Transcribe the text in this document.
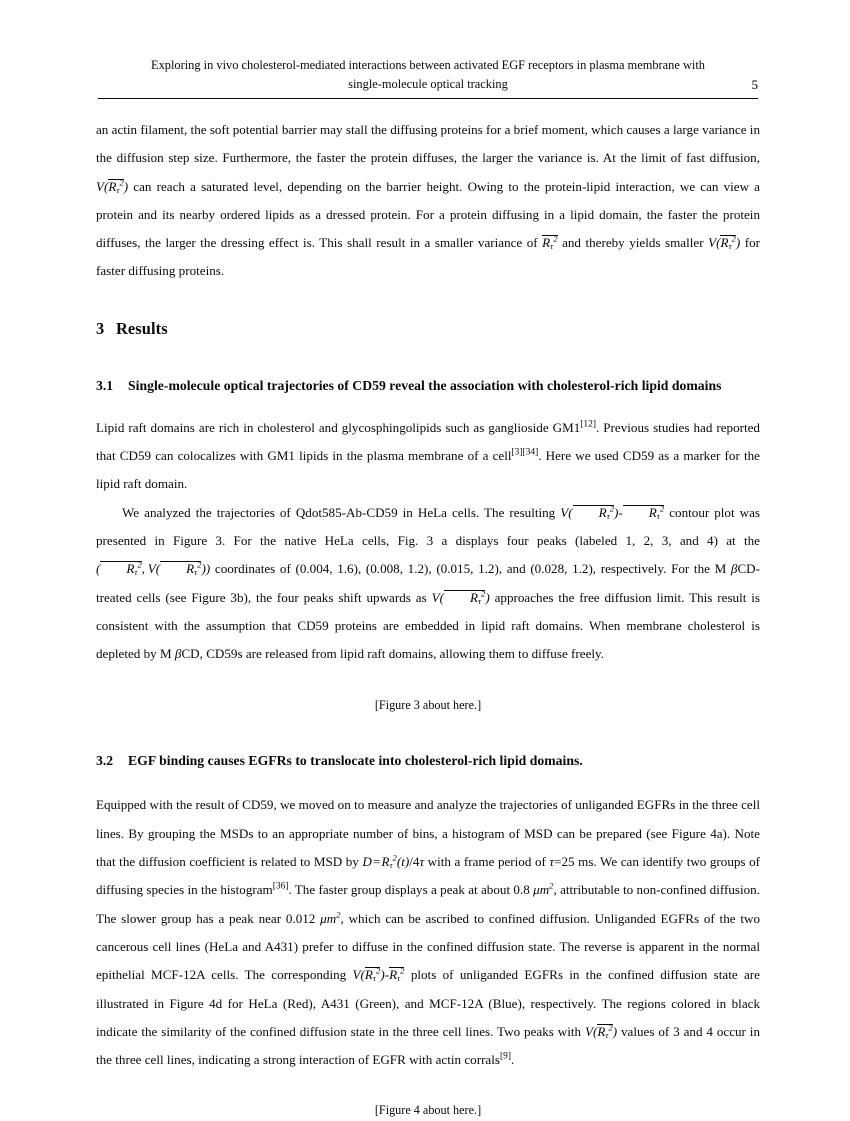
Exploring in vivo cholesterol-mediated interactions between activated EGF receptors in plasma membrane with
single-molecule optical tracking	5

an actin filament, the soft potential barrier may stall the diffusing proteins for a brief moment, which causes a large variance in the diffusion step size. Furthermore, the faster the protein diffuses, the larger the variance is. At the limit of fast diffusion, $V(R_\tau^2)$ can reach a saturated level, depending on the barrier height. Owing to the protein-lipid interaction, we can view a protein and its nearby ordered lipids as a dressed protein. For a protein diffusing in a lipid domain, the faster the protein diffuses, the larger the dressing effect is. This shall result in a smaller variance of $R_\tau^2$ and thereby yields smaller $V(R_\tau^2)$ for faster diffusing proteins.

3 Results
3.1 Single-molecule optical trajectories of CD59 reveal the association with cholesterol-rich lipid domains

Lipid raft domains are rich in cholesterol and glycosphingolipids such as ganglioside GM1[12]. Previous studies had reported that CD59 can colocalizes with GM1 lipids in the plasma membrane of a cell[3][34]. Here we used CD59 as a marker for the lipid raft domain.

We analyzed the trajectories of Qdot585-Ab-CD59 in HeLa cells. The resulting V( $R_\tau^2)-$ $R_\tau^2$ contour plot was presented in Figure 3. For the native HeLa cells, Fig. 3 a displays four peaks (labeled 1, 2, 3, and 4) at the ( $R_\tau^2$, V( $R_\tau^2$)) coordinates of (0.004, 1.6), (0.008, 1.2), (0.015, 1.2), and (0.028, 1.2), respectively. For the M βCD-treated cells (see Figure 3b), the four peaks shift upwards as V( $R_\tau^2$) approaches the free diffusion limit. This result is consistent with the assumption that CD59 proteins are embedded in lipid raft domains. When membrane cholesterol is depleted by M βCD, CD59s are released from lipid raft domains, allowing them to diffuse freely.

[Figure 3 about here.]
3.2 EGF binding causes EGFRs to translocate into cholesterol-rich lipid domains.

Equipped with the result of CD59, we moved on to measure and analyze the trajectories of unliganded EGFRs in the three cell lines. By grouping the MSDs to an appropriate number of bins, a histogram of MSD can be prepared (see Figure 4a). Note that the diffusion coefficient is related to MSD by D = $R_\tau^2(t)/4\tau$ with a frame period of τ=25 ms. We can identify two groups of diffusing species in the histogram[36]. The faster group displays a peak at about 0.8 $\mu m^2$, attributable to non-confined diffusion. The slower group has a peak near 0.012 $\mu m^2$, which can be ascribed to confined diffusion. Unliganded EGFRs of the two cancerous cell lines (HeLa and A431) prefer to diffuse in the confined diffusion state. The reverse is apparent in the normal epithelial MCF-12A cells. The corresponding $V(R_\tau^2)-R_\tau^2$ plots of unliganded EGFRs in the confined diffusion state are illustrated in Figure 4d for HeLa (Red), A431 (Green), and MCF-12A (Blue), respectively. The regions colored in black indicate the similarity of the confined diffusion state in the three cell lines. Two peaks with $V(R_\tau^2)$ values of 3 and 4 occur in the three cell lines, indicating a strong interaction of EGFR with actin corrals[9].

[Figure 4 about here.]
